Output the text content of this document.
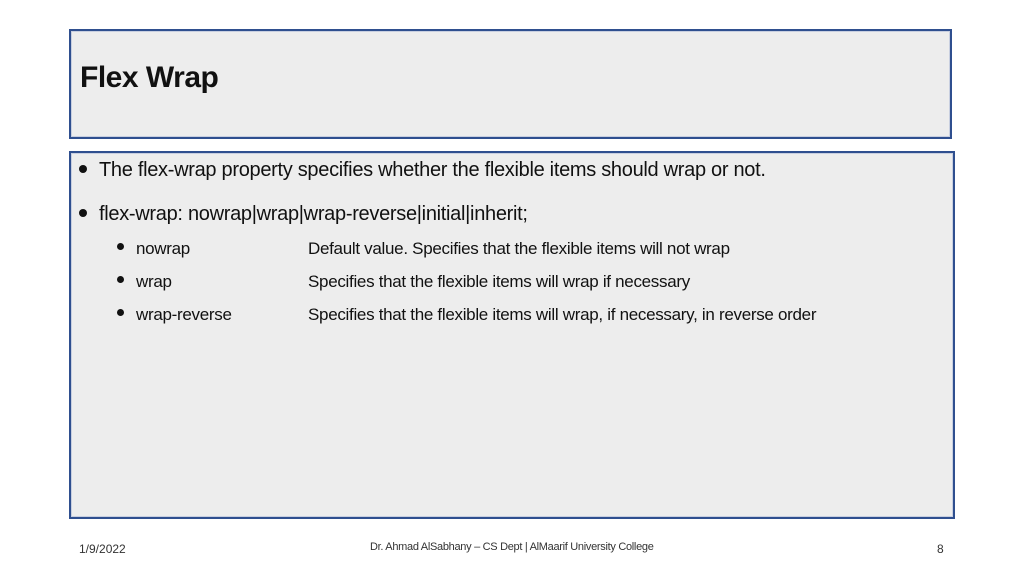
Flex Wrap
The flex-wrap property specifies whether the flexible items should wrap or not.
flex-wrap: nowrap|wrap|wrap-reverse|initial|inherit;
nowrap	Default value. Specifies that the flexible items will not wrap
wrap	Specifies that the flexible items will wrap if necessary
wrap-reverse	Specifies that the flexible items will wrap, if necessary, in reverse order
1/9/2022	Dr. Ahmad AlSabhany – CS Dept | AlMaarif University College	8
